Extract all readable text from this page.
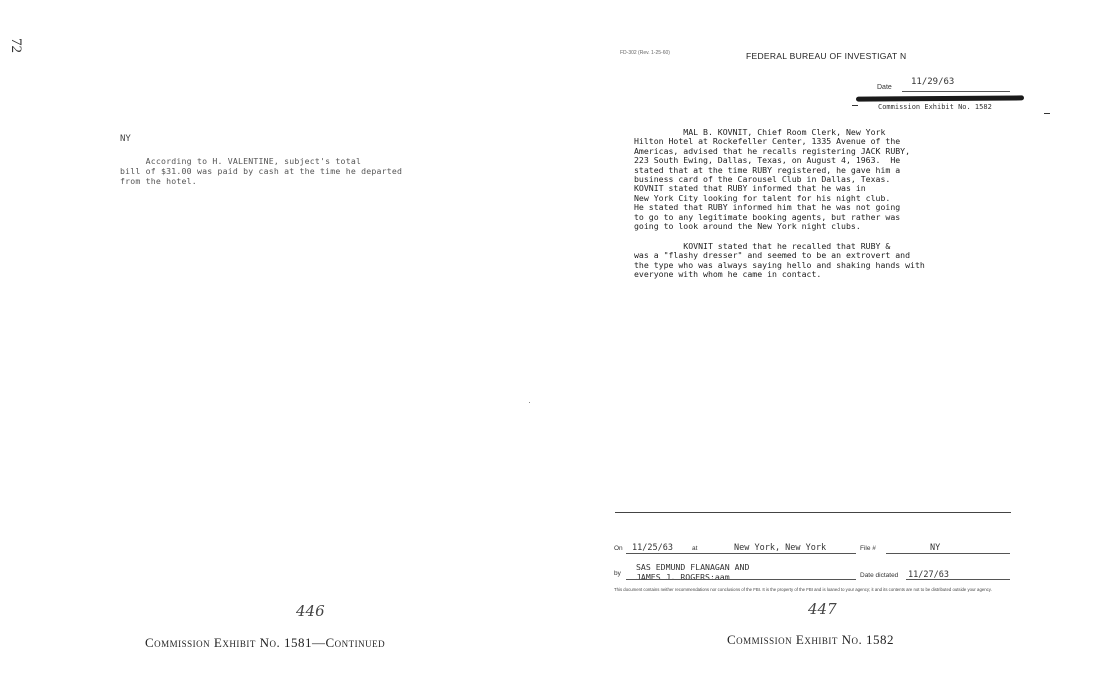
72
NY
According to H. VALENTINE, subject's total
bill of $31.00 was paid by cash at the time he departed
from the hotel.
446
Commission Exhibit No. 1581—Continued
FD-302 (Rev. 1-25-60)	FEDERAL BUREAU OF INVESTIGAT N
Date
11/29/63
Commission Exhibit No. 1582
MAL B. KOVNIT, Chief Room Clerk, New York
Hilton Hotel at Rockefeller Center, 1335 Avenue of the
Americas, advised that he recalls registering JACK RUBY,
223 South Ewing, Dallas, Texas, on August 4, 1963.  He
stated that at the time RUBY registered, he gave him a
business card of the Carousel Club in Dallas, Texas.
KOVNIT stated that RUBY informed that he was in
New York City looking for talent for his night club.
He stated that RUBY informed him that he was not going
to go to any legitimate booking agents, but rather was
going to look around the New York night clubs.
KOVNIT stated that he recalled that RUBY &
was a "flashy dresser" and seemed to be an extrovert and
the type who was always saying hello and shaking hands with
everyone with whom he came in contact.
On 11/25/63	at	New York, New York	File #	NY
by
SAS EDMUND FLANAGAN AND
JAMES J. ROGERS:aam	Date dictated 11/27/63
This document contains neither recommendations nor conclusions of the FBI. It is the property of the FBI and is loaned to your agency; it and its contents are not to be distributed outside your agency.
447
Commission Exhibit No. 1582
